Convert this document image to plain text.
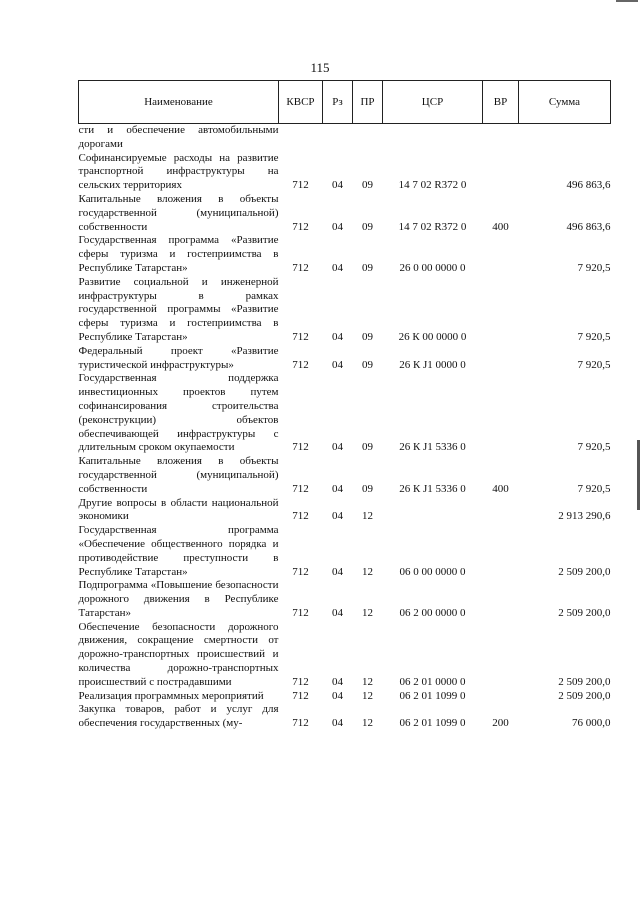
115
Наименование	КВСР	Рз	ПР	ЦСР	ВР	Сумма
сти и обеспечение автомобильными дорогами						
Софинансируемые расходы на развитие транспортной инфраструктуры на сельских территориях	712	04	09	14 7 02 R372 0		496 863,6
Капитальные вложения в объекты государственной (муниципальной) собственности	712	04	09	14 7 02 R372 0	400	496 863,6
Государственная программа «Развитие сферы туризма и гостеприимства в Республике Татарстан»	712	04	09	26 0 00 0000 0		7 920,5
Развитие социальной и инженерной инфраструктуры в рамках государственной программы «Развитие сферы туризма и гостеприимства в Республике Татарстан»	712	04	09	26 К 00 0000 0		7 920,5
Федеральный проект «Развитие туристической инфраструктуры»	712	04	09	26 К J1 0000 0		7 920,5
Государственная поддержка инвестиционных проектов путем софинансирования строительства (реконструкции) объектов обеспечивающей инфраструктуры с длительным сроком окупаемости	712	04	09	26 К J1 5336 0		7 920,5
Капитальные вложения в объекты государственной (муниципальной) собственности	712	04	09	26 К J1 5336 0	400	7 920,5
Другие вопросы в области национальной экономики	712	04	12			2 913 290,6
Государственная программа «Обеспечение общественного порядка и противодействие преступности в Республике Татарстан»	712	04	12	06 0 00 0000 0		2 509 200,0
Подпрограмма «Повышение безопасности дорожного движения в Республике Татарстан»	712	04	12	06 2 00 0000 0		2 509 200,0
Обеспечение безопасности дорожного движения, сокращение смертности от дорожно-транспортных происшествий и количества дорожно-транспортных происшествий с пострадавшими	712	04	12	06 2 01 0000 0		2 509 200,0
Реализация программных мероприятий	712	04	12	06 2 01 1099 0		2 509 200,0
Закупка товаров, работ и услуг для обеспечения государственных (му-	712	04	12	06 2 01 1099 0	200	76 000,0
